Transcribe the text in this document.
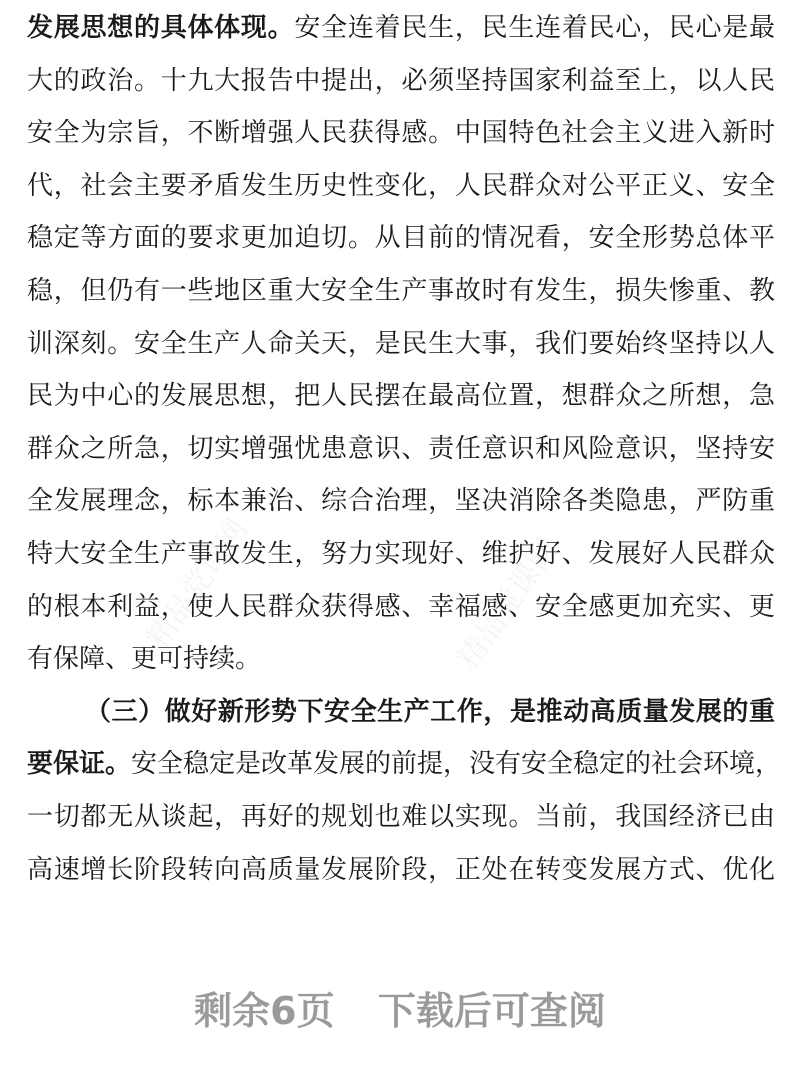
发展思想的具体体现。安全连着民生，民生连着民心，民心是最
大的政治。十九大报告中提出，必须坚持国家利益至上，以人民
安全为宗旨，不断增强人民获得感。中国特色社会主义进入新时
代，社会主要矛盾发生历史性变化，人民群众对公平正义、安全
稳定等方面的要求更加迫切。从目前的情况看，安全形势总体平
稳，但仍有一些地区重大安全生产事故时有发生，损失惨重、教
训深刻。安全生产人命关天，是民生大事，我们要始终坚持以人
民为中心的发展思想，把人民摆在最高位置，想群众之所想，急
群众之所急，切实增强忧患意识、责任意识和风险意识，坚持安
全发展理念，标本兼治、综合治理，坚决消除各类隐患，严防重
特大安全生产事故发生，努力实现好、维护好、发展好人民群众
的根本利益，使人民群众获得感、幸福感、安全感更加充实、更
有保障、更可持续。
（三）做好新形势下安全生产工作，是推动高质量发展的重
要保证。安全稳定是改革发展的前提，没有安全稳定的社会环境，
一切都无从谈起，再好的规划也难以实现。当前，我国经济已由
高速增长阶段转向高质量发展阶段，正处在转变发展方式、优化
剩余6页 下载后可查阅
